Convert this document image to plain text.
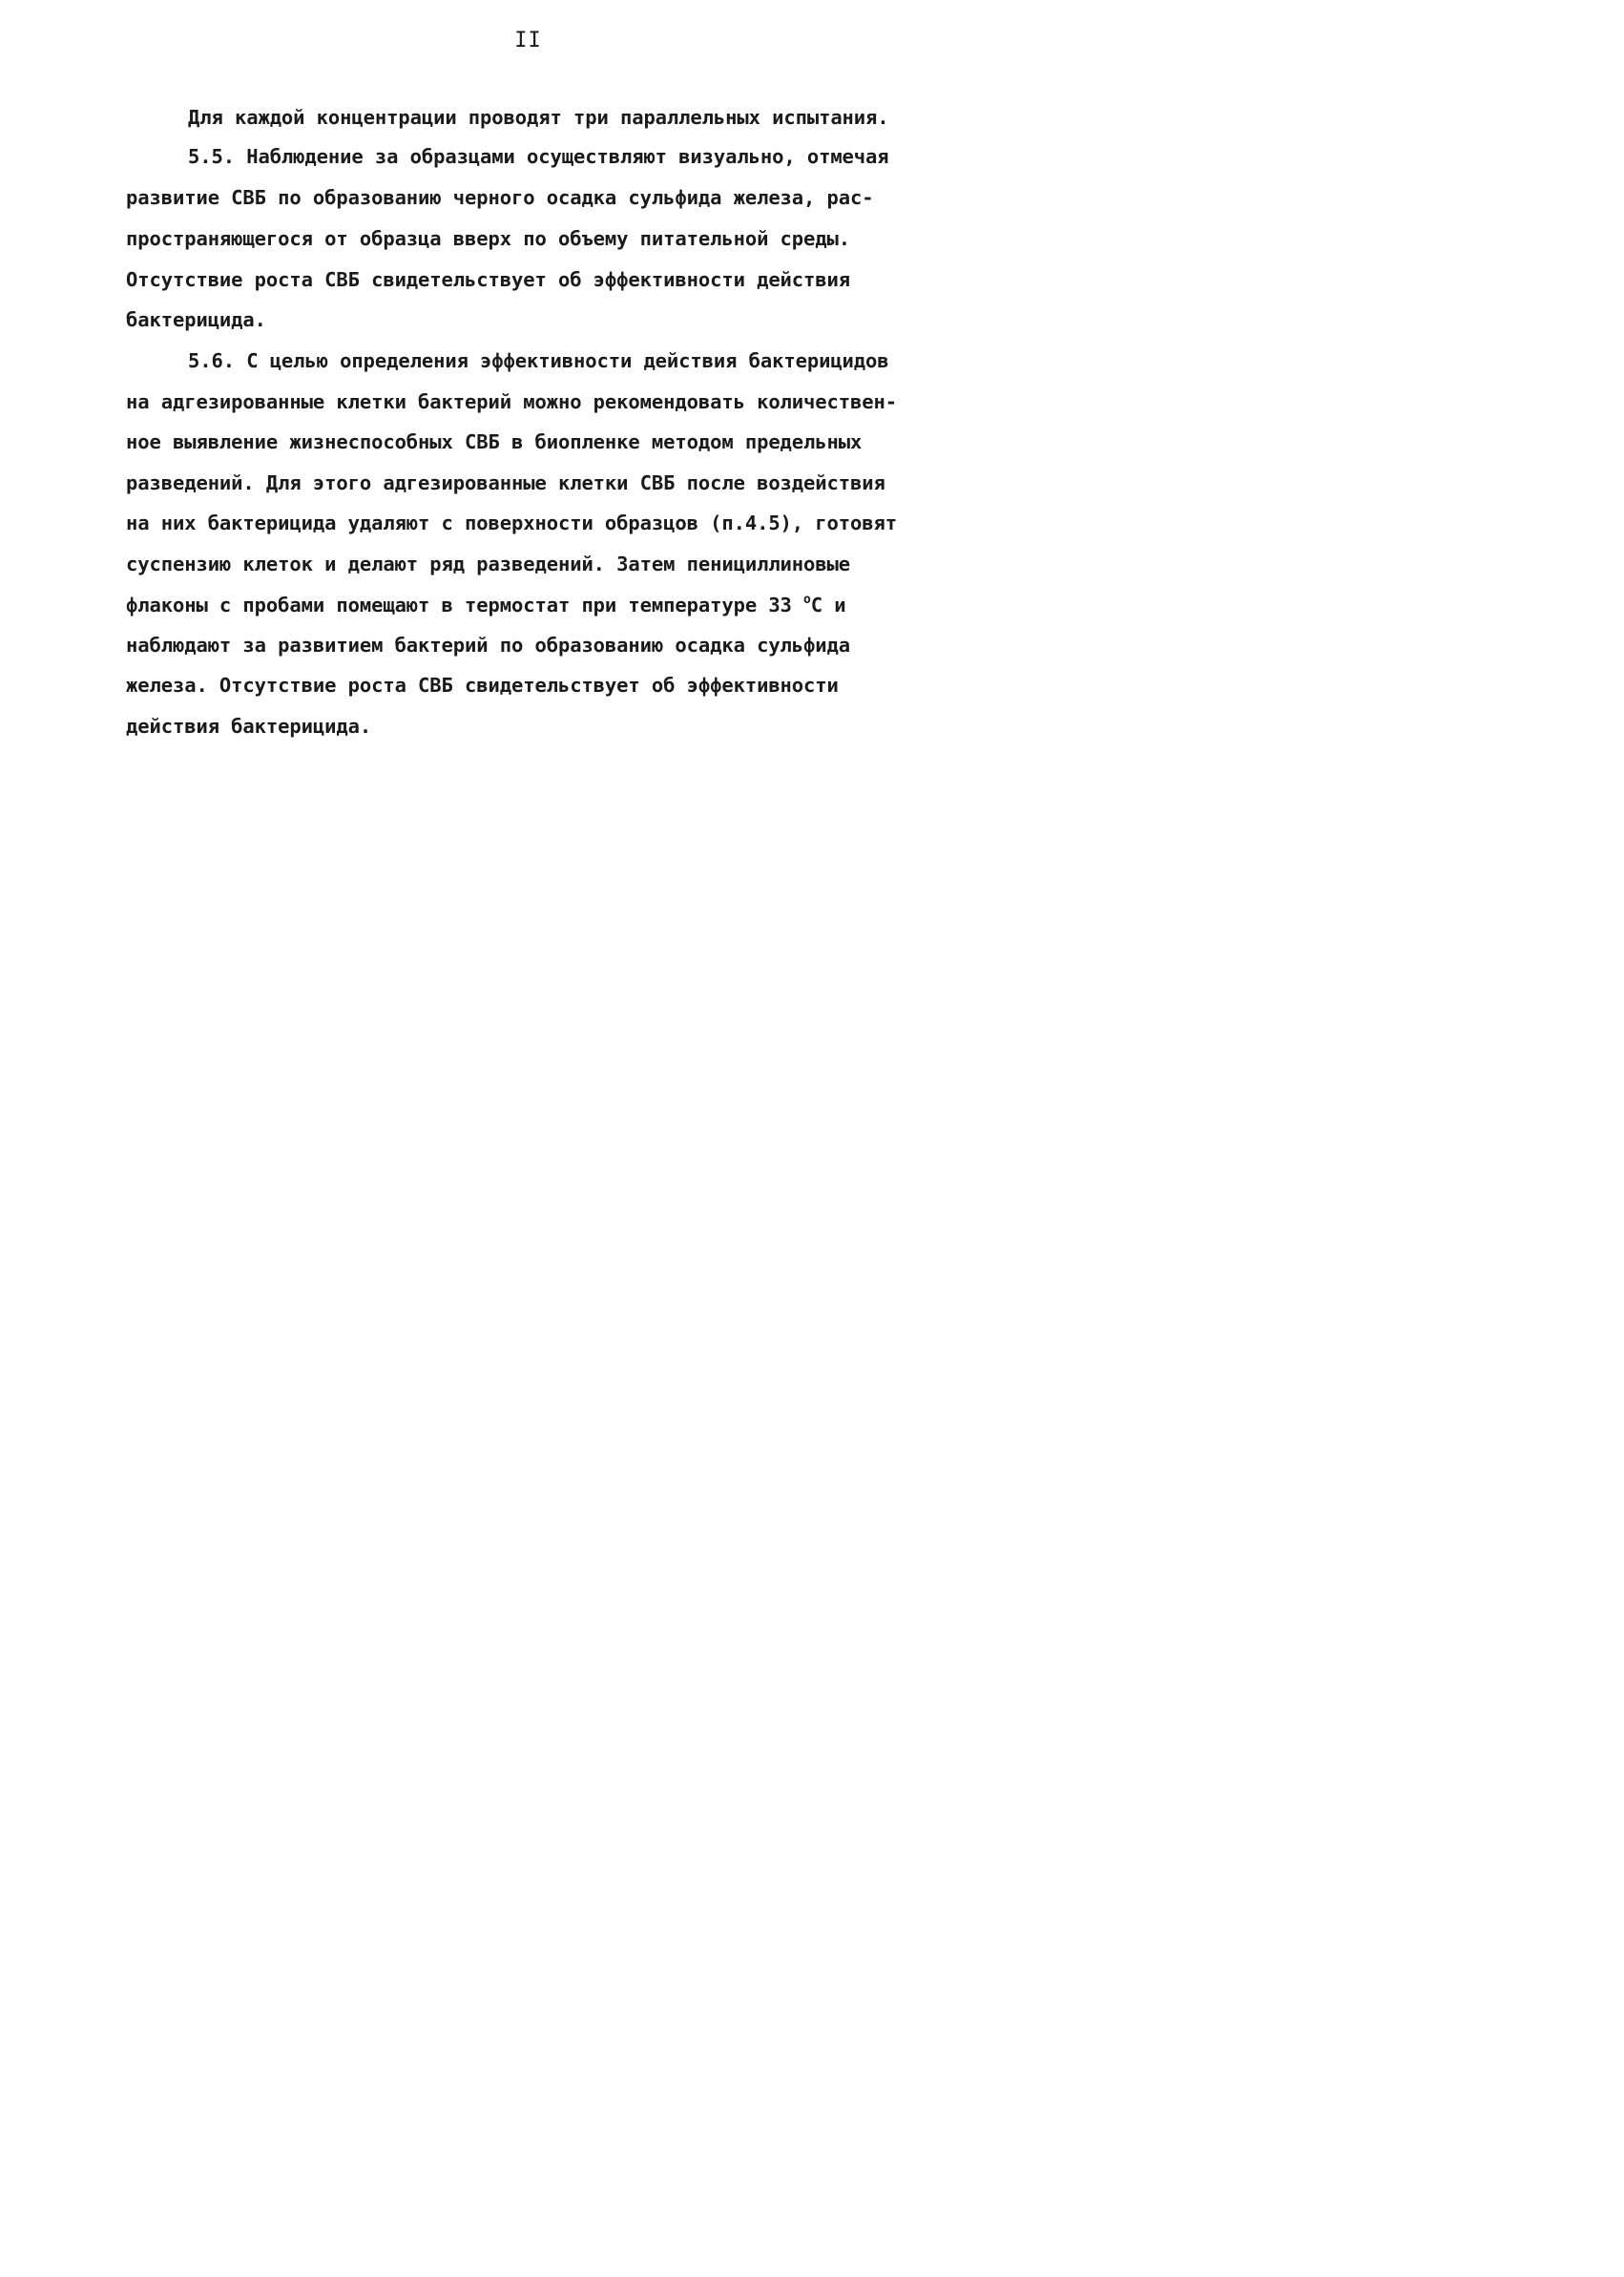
II
Для каждой концентрации проводят три параллельных испытания.
5.5. Наблюдение за образцами осуществляют визуально, отмечая
развитие СВБ по образованию черного осадка сульфида железа, рас-
пространяющегося от образца вверх по объему питательной среды.
Отсутствие роста СВБ свидетельствует об эффективности действия
бактерицида.
5.6. С целью определения эффективности действия бактерицидов
на адгезированные клетки бактерий можно рекомендовать количествен-
ное выявление жизнеспособных СВБ в биопленке методом предельных
разведений. Для этого адгезированные клетки СВБ после воздействия
на них бактерицида удаляют с поверхности образцов (п.4.5), готовят
суспензию клеток и делают ряд разведений. Затем пенициллиновые
флаконы с пробами помещают в термостат при температуре 33 $^о$С и
наблюдают за развитием бактерий по образованию осадка сульфида
железа. Отсутствие роста СВБ свидетельствует об эффективности
действия бактерицида.
